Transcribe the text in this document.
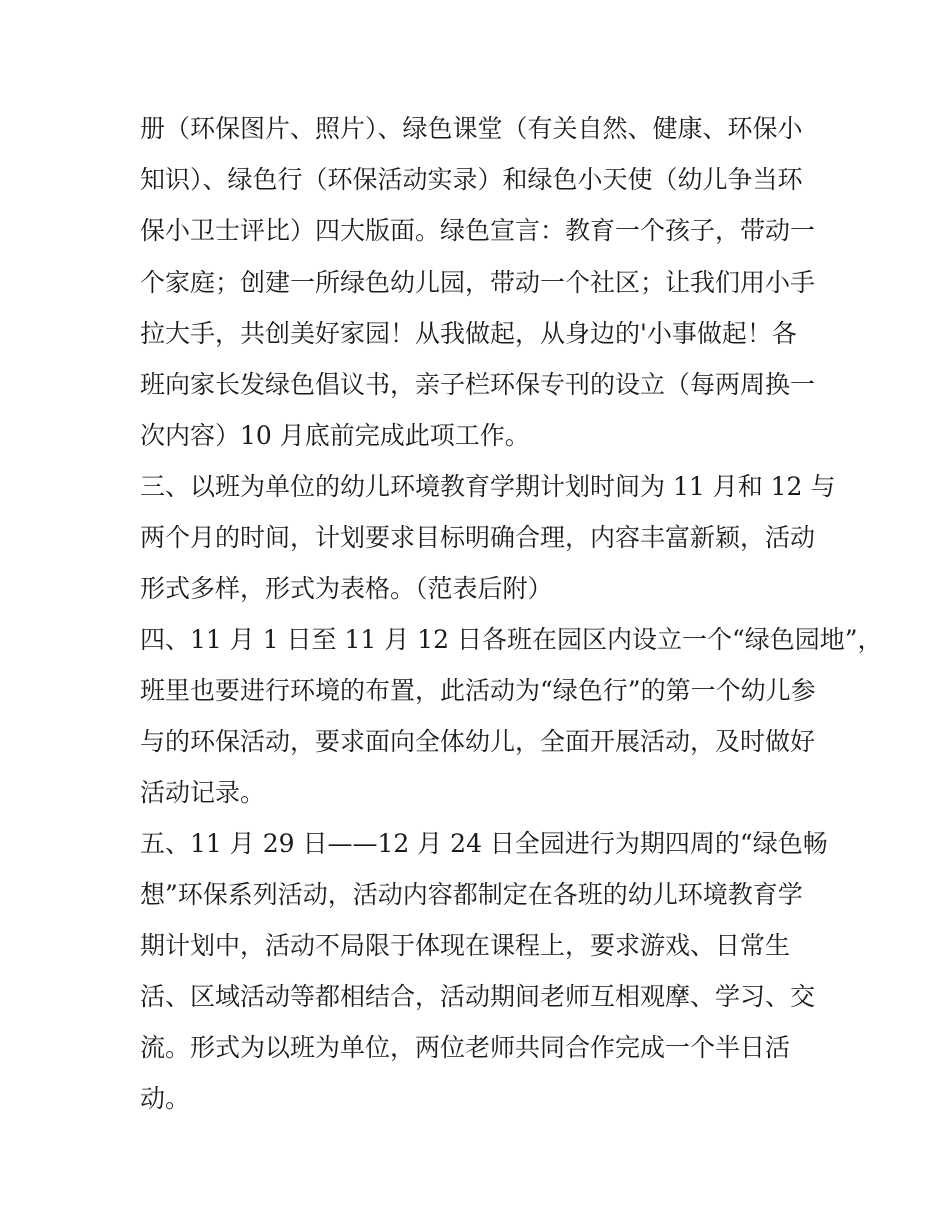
册（环保图片、照片）、绿色课堂（有关自然、健康、环保小
知识）、绿色行（环保活动实录）和绿色小天使（幼儿争当环
保小卫士评比）四大版面。绿色宣言：教育一个孩子，带动一
个家庭；创建一所绿色幼儿园，带动一个社区；让我们用小手
拉大手，共创美好家园！从我做起，从身边的'小事做起！各
班向家长发绿色倡议书，亲子栏环保专刊的设立（每两周换一
次内容）10 月底前完成此项工作。
三、以班为单位的幼儿环境教育学期计划时间为 11 月和 12 与
两个月的时间，计划要求目标明确合理，内容丰富新颖，活动
形式多样，形式为表格。（范表后附）
四、11 月 1 日至 11 月 12 日各班在园区内设立一个“绿色园地”，
班里也要进行环境的布置，此活动为“绿色行”的第一个幼儿参
与的环保活动，要求面向全体幼儿，全面开展活动，及时做好
活动记录。
五、11 月 29 日——12 月 24 日全园进行为期四周的“绿色畅
想”环保系列活动，活动内容都制定在各班的幼儿环境教育学
期计划中，活动不局限于体现在课程上，要求游戏、日常生
活、区域活动等都相结合，活动期间老师互相观摩、学习、交
流。形式为以班为单位，两位老师共同合作完成一个半日活
动。
